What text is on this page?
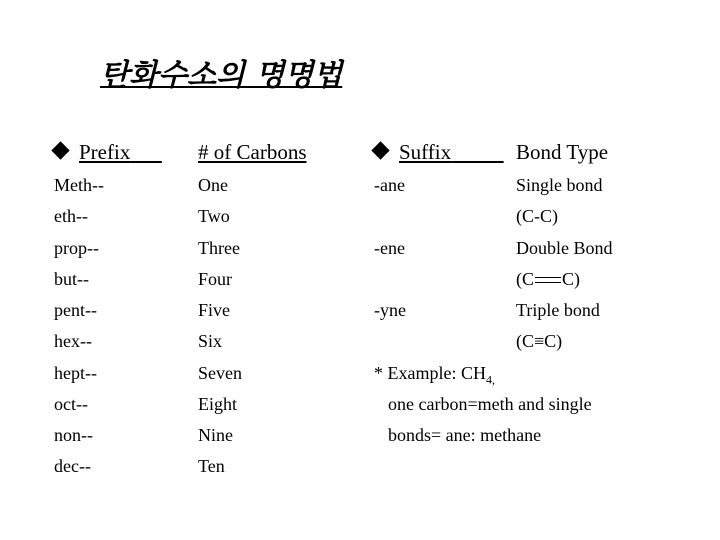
탄화수소의 명명법
Prefix	# of Carbons	Suffix	Bond Type
Meth--	One
eth--	Two
prop--	Three
but--	Four
pent--	Five
hex--	Six
hept--	Seven
oct--	Eight
non--	Nine
dec--	Ten
-ane	Single bond
(C-C)
-ene	Double Bond
(C C)
-yne	Triple bond
(C≡C)
* Example: $CH_{4,}$
one carbon=meth and single
bonds= ane: methane
